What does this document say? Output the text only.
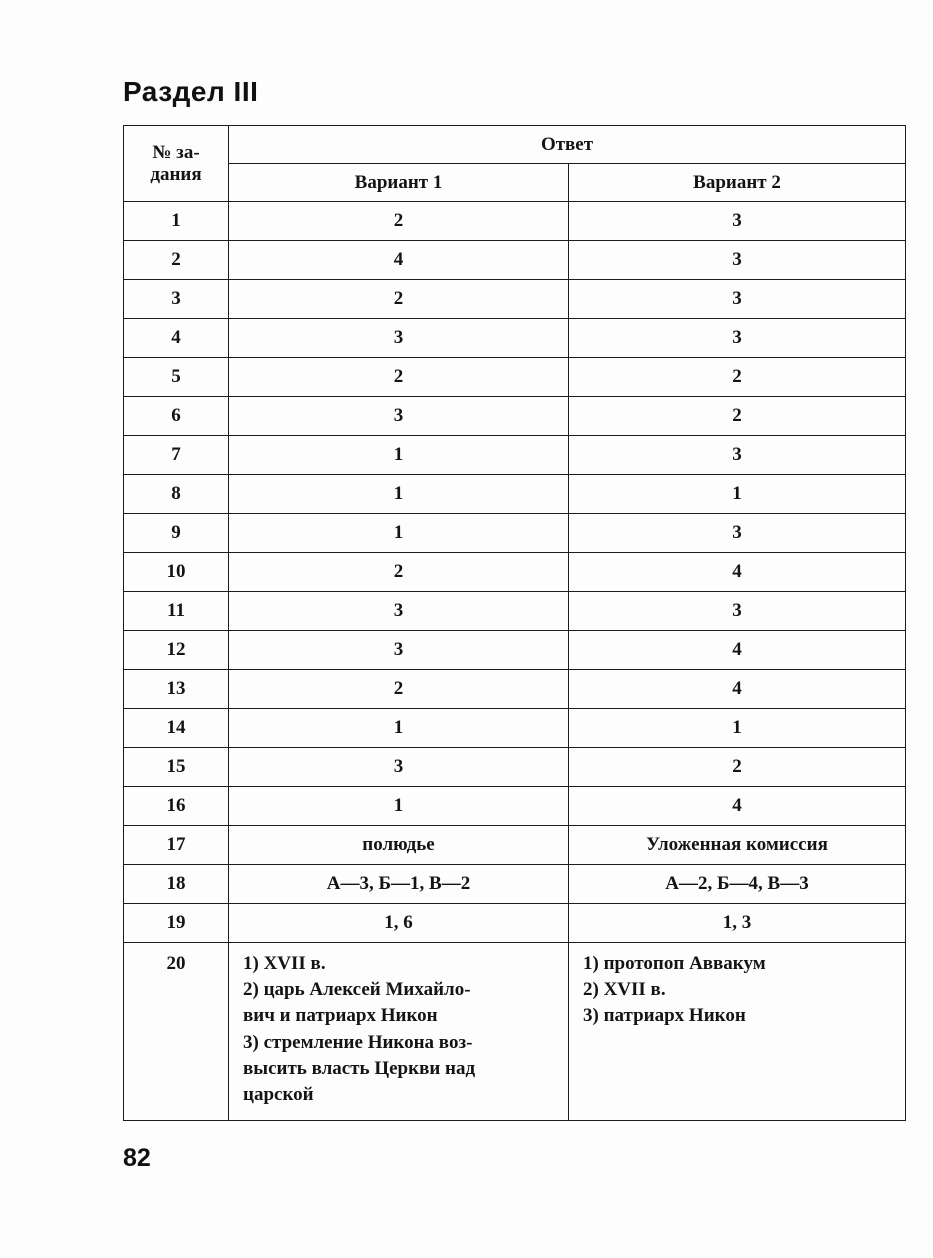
Раздел III
№ за-
дания	Ответ	
	Вариант 1	Вариант 2
1	2	3
2	4	3
3	2	3
4	3	3
5	2	2
6	3	2
7	1	3
8	1	1
9	1	3
10	2	4
11	3	3
12	3	4
13	2	4
14	1	1
15	3	2
16	1	4
17	полюдье	Уложенная комиссия
18	А—3, Б—1, В—2	А—2, Б—4, В—3
19	1, 6	1, 3
20	1) XVII в.
2) царь Алексей Михайло-
вич и патриарх Никон
3) стремление Никона воз-
высить власть Церкви над
царской	1) протопоп Аввакум
2) XVII в.
3) патриарх Никон
82
